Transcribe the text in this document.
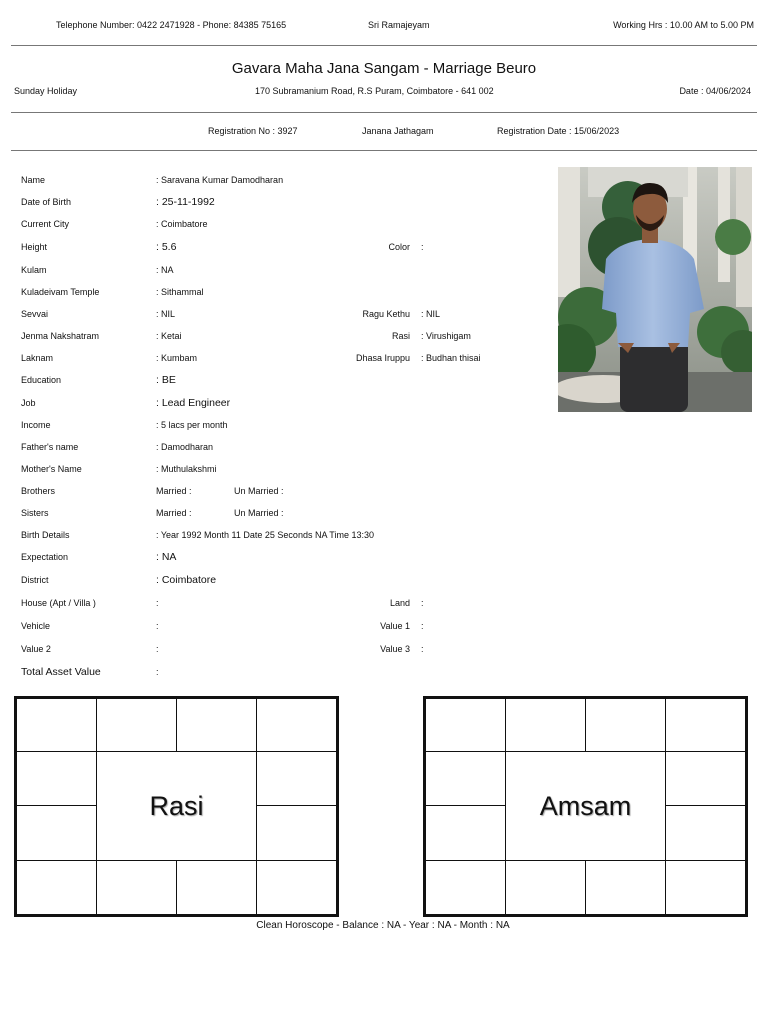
Telephone Number: 0422 2471928 - Phone: 84385 75165	Sri Ramajeyam	Working Hrs : 10.00 AM to 5.00 PM
Gavara Maha Jana Sangam - Marriage Beuro
Sunday Holiday	170 Subramanium Road, R.S Puram, Coimbatore - 641 002	Date : 04/06/2024
Registration No : 3927	Janana Jathagam	Registration Date : 15/06/2023
Name	: Saravana Kumar Damodharan
Date of Birth	: 25-11-1992
Current City	: Coimbatore
Height	: 5.6	Color :
Kulam	: NA
Kuladeivam Temple	: Sithammal
Sevvai	: NIL	Ragu Kethu : NIL
Jenma Nakshatram	: Ketai	Rasi : Virushigam
Laknam	: Kumbam	Dhasa Iruppu : Budhan thisai
Education	: BE
Job	: Lead Engineer
Income	: 5 lacs per month
Father's name	: Damodharan
Mother's Name	: Muthulakshmi
Brothers	Married :	Un Married :
Sisters	Married :	Un Married :
Birth Details	: Year 1992 Month 11 Date 25 Seconds NA Time 13:30
Expectation	: NA
District	: Coimbatore
House (Apt / Villa )	:	Land :
Vehicle	:	Value 1 :
Value 2	:	Value 3 :
Total Asset Value	:
Rasi	Amsam
Clean Horoscope - Balance : NA - Year : NA - Month : NA
